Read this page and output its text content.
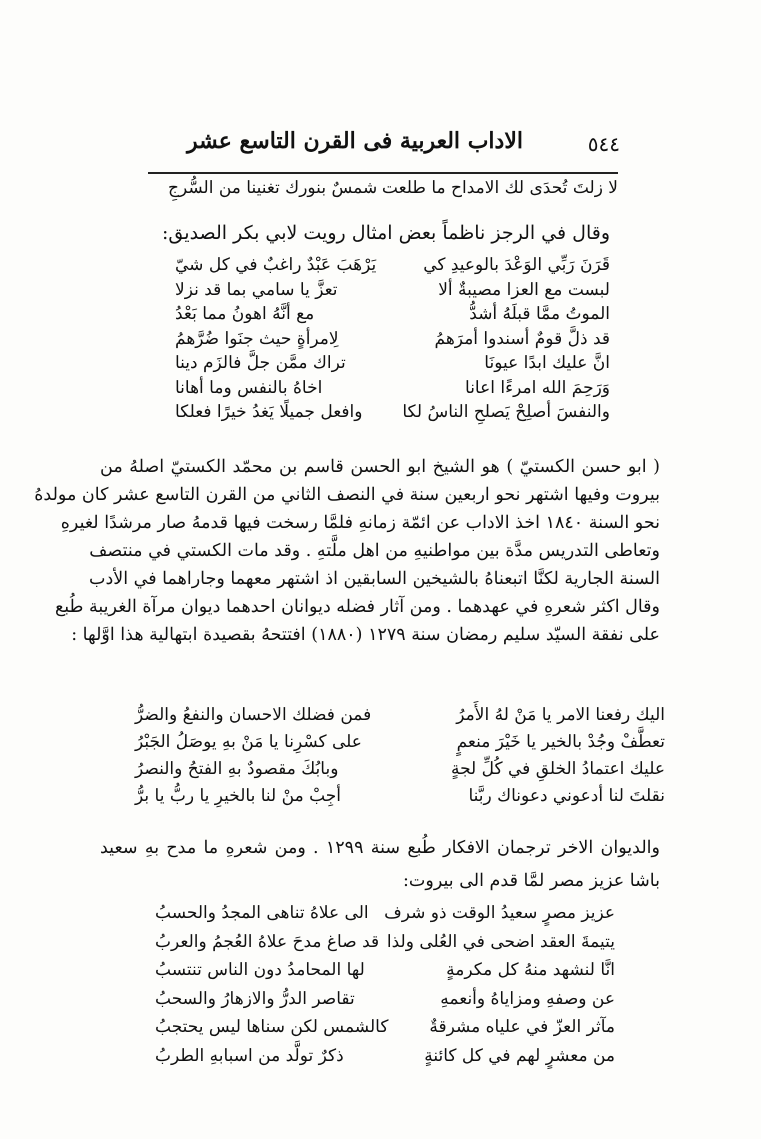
٥٤٤
الاداب العربية فى القرن التاسع عشر
لا زلتَ تُحدَى لك الامداح ما طلعت
شمسٌ بنورك تغنينا من السُّرجِ
وقال في الرجز ناظماً بعض امثال رويت لابي بكر الصديق:
قَرَنَ رَبِّي الوَعْدَ بالوعيدِ كي
يَرْهَبَ عَبْدٌ راغبٌ في كل شيّ
لبست مع العزا مصيبةٌ ألا
تعزَّ يا سامي بما قد نزلا
الموتُ ممَّا قبلَهُ أشدُّ
مع أنَّهُ اهونُ مما بَعْدُ
قد ذلَّ قومٌ أسندوا أمرَهمُ
لِامرأةٍ حيث جنَوا ضُرَّهمُ
انَّ عليك ابدًا عيونَا
تراك ممَّن جلَّ فالزَم دينا
وَرَحِمَ الله امرءًا اعانا
اخاهُ بالنفس وما أهانا
والنفسَ أصلِحْ يَصلحِ الناسُ لكا
وافعل جميلًا يَغدُ خيرًا فعلكا
( ابو حسن الكستيّ ) هو الشيخ ابو الحسن قاسم بن محمّد الكستيّ اصلهُ من
بيروت وفيها اشتهر نحو اربعين سنة في النصف الثاني من القرن التاسع عشر كان مولدهُ
نحو السنة ١٨٤٠ اخذ الاداب عن ائمّة زمانهِ فلمَّا رسخت فيها قدمهُ صار مرشدًا لغيرهِ
وتعاطى التدريس مدَّة بين مواطنيهِ من اهل ملَّتهِ . وقد مات الكستي في منتصف
السنة الجارية لكنَّا اتبعناهُ بالشيخين السابقين اذ اشتهر معهما وجاراهما في الأدب
وقال اكثر شعرهِ في عهدهما . ومن آثار فضله ديوانان احدهما ديوان مرآة الغريبة طُبع
على نفقة السيّد سليم رمضان سنة ١٢٧٩ (١٨٨٠) افتتحهُ بقصيدة ابتهالية هذا اوَّلها :
اليك رفعنا الامر يا مَنْ لهُ الأَمرُ
فمن فضلك الاحسان والنفعُ والضرُّ
تعطَّفْ وجُدْ بالخير يا خَيْرَ منعمٍ
على كسْرِنا يا مَنْ بهِ يوصَلُ الجَبْرُ
عليك اعتمادُ الخلقِ في كُلِّ لجةٍ
وبابُكَ مقصودٌ بهِ الفتحُ والنصرُ
نقلتَ لنا أدعوني دعوناك ربَّنا
أجِبْ منْ لنا بالخيرِ يا ربُّ يا برُّ
والديوان الاخر ترجمان الافكار طُبع سنة ١٢٩٩ . ومن شعرهِ ما مدح بهِ سعيد
باشا عزيز مصر لمَّا قدم الى بيروت:
عزيز مصرٍ سعيدُ الوقت ذو شرف
الى علاهُ تناهى المجدُ والحسبُ
يتيمةَ العقد اضحى في العُلى ولذا
قد صاغ مدحَ علاهُ العُجمُ والعربُ
انَّا لنشهد منهُ كل مكرمةٍ
لها المحامدُ دون الناس تنتسبُ
عن وصفهِ ومزاياهُ وأنعمهِ
تقاصر الدرُّ والازهارُ والسحبُ
مآثر العزّ في علياه مشرقةٌ
كالشمس لكن سناها ليس يحتجبُ
من معشرٍ لهم في كل كائنةٍ
ذكرٌ تولَّد من اسبابهِ الطربُ
